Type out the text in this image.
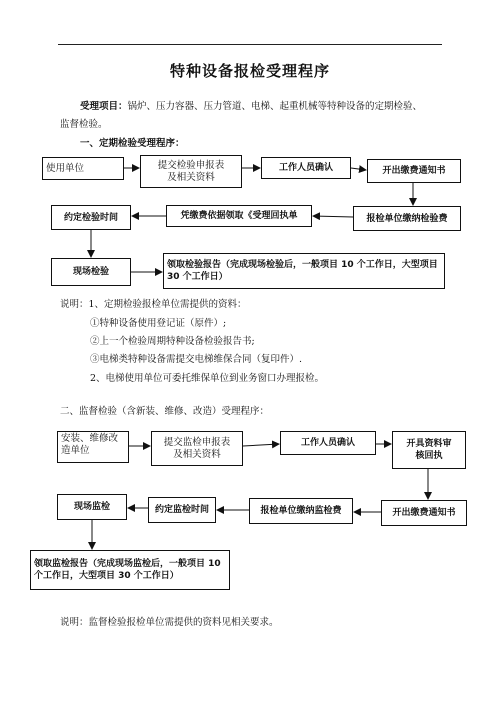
特种设备报检受理程序
受理项目：锅炉、压力容器、压力管道、电梯、起重机械等特种设备的定期检验、
监督检验。
一、定期检验受理程序：
使用单位	提交检验申报表
及相关资料
工作人员确认	开出缴费通知书
报检单位缴纳检验费
凭缴费依据领取《受理回执单
约定检验时间
现场检验
领取检验报告（完成现场检验后，一般项目 10 个工作日，大型项目 30 个工作日）
说明：1、定期检验报检单位需提供的资料：
①特种设备使用登记证（原件）;
②上一个检验周期特种设备检验报告书;
③电梯类特种设备需提交电梯维保合同（复印件）.
2、电梯使用单位可委托维保单位到业务窗口办理报检。
二、监督检验（含新装、维修、改造）受理程序：
安装、维修改造单位
提交监检申报表
及相关资料
工作人员确认	开具资料审
核回执
开出缴费通知书
报检单位缴纳监检费
约定监检时间
现场监检
领取监检报告（完成现场监检后，一般项目 10 个工作日，大型项目 30 个工作日）
说明：监督检验报检单位需提供的资料见相关要求。
